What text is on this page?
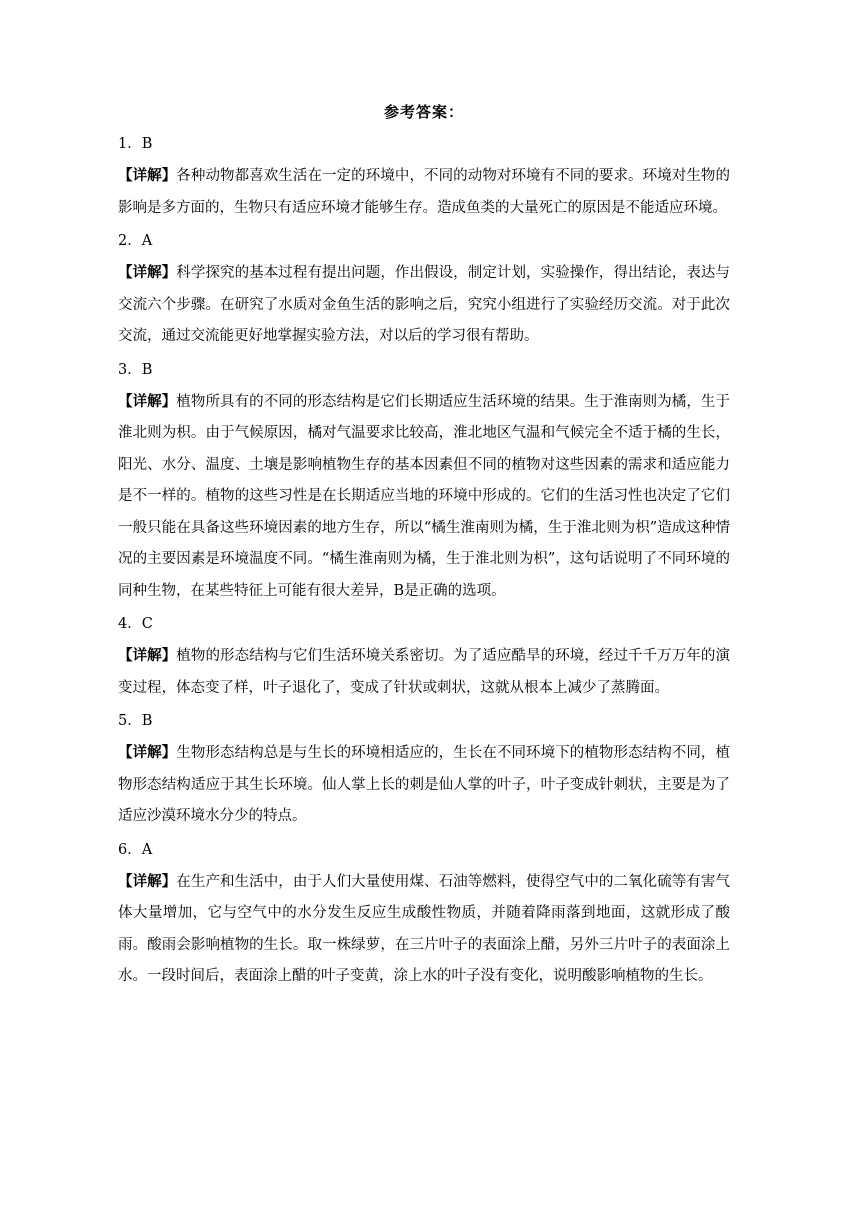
参考答案：
1．B
【详解】各种动物都喜欢生活在一定的环境中，不同的动物对环境有不同的要求。环境对生物的影响是多方面的，生物只有适应环境才能够生存。造成鱼类的大量死亡的原因是不能适应环境。
2．A
【详解】科学探究的基本过程有提出问题，作出假设，制定计划，实验操作，得出结论，表达与交流六个步骤。在研究了水质对金鱼生活的影响之后，究究小组进行了实验经历交流。对于此次交流，通过交流能更好地掌握实验方法，对以后的学习很有帮助。
3．B
【详解】植物所具有的不同的形态结构是它们长期适应生活环境的结果。生于淮南则为橘，生于淮北则为枳。由于气候原因，橘对气温要求比较高，淮北地区气温和气候完全不适于橘的生长，阳光、水分、温度、土壤是影响植物生存的基本因素但不同的植物对这些因素的需求和适应能力是不一样的。植物的这些习性是在长期适应当地的环境中形成的。它们的生活习性也决定了它们一般只能在具备这些环境因素的地方生存，所以“橘生淮南则为橘，生于淮北则为枳”造成这种情况的主要因素是环境温度不同。“橘生淮南则为橘，生于淮北则为枳”，这句话说明了不同环境的同种生物，在某些特征上可能有很大差异，B是正确的选项。
4．C
【详解】植物的形态结构与它们生活环境关系密切。为了适应酷旱的环境，经过千千万万年的演变过程，体态变了样，叶子退化了，变成了针状或刺状，这就从根本上减少了蒸腾面。
5．B
【详解】生物形态结构总是与生长的环境相适应的，生长在不同环境下的植物形态结构不同，植物形态结构适应于其生长环境。仙人掌上长的刺是仙人掌的叶子，叶子变成针刺状，主要是为了适应沙漠环境水分少的特点。
6．A
【详解】在生产和生活中，由于人们大量使用煤、石油等燃料，使得空气中的二氧化硫等有害气体大量增加，它与空气中的水分发生反应生成酸性物质，并随着降雨落到地面，这就形成了酸雨。酸雨会影响植物的生长。取一株绿萝，在三片叶子的表面涂上醋，另外三片叶子的表面涂上水。一段时间后，表面涂上醋的叶子变黄，涂上水的叶子没有变化，说明酸影响植物的生长。
